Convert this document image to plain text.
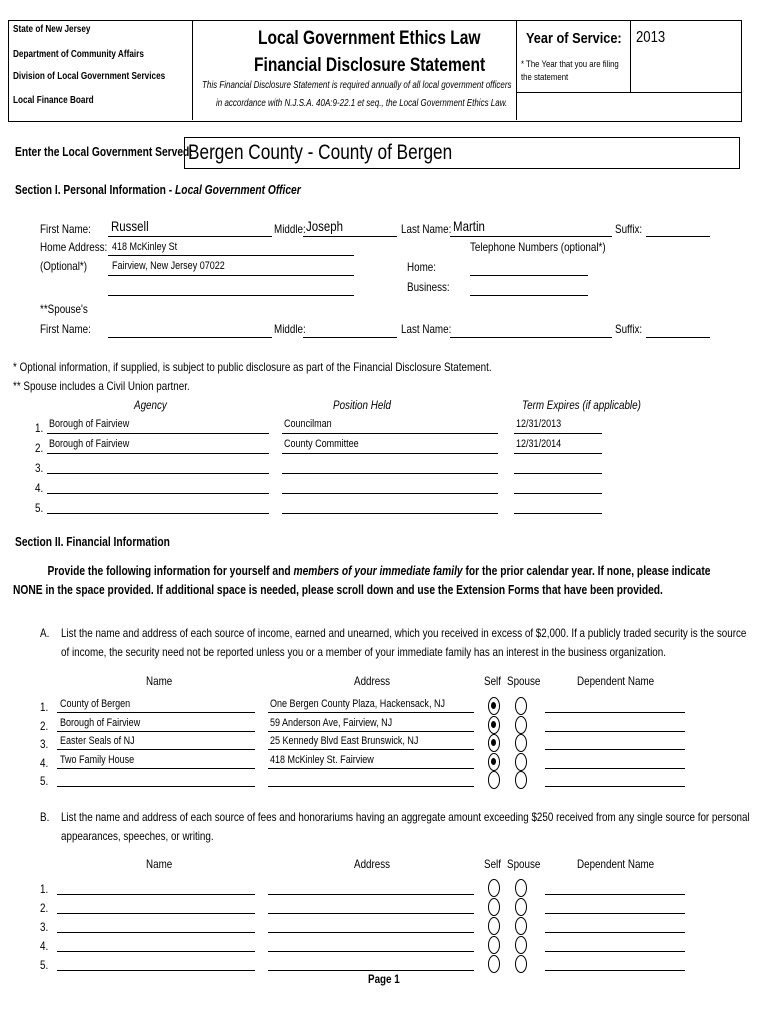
State of New Jersey
Department of Community Affairs
Division of Local Government Services
Local Finance Board
Local Government Ethics Law
Financial Disclosure Statement
This Financial Disclosure Statement is required annually of all local government officers
in accordance with N.J.S.A. 40A:9-22.1 et seq., the Local Government Ethics Law.
Year of Service:
* The Year that you are filing the statement
2013
Enter the Local Government Served:
Bergen County - County of Bergen
Section I. Personal Information - Local Government Officer
First Name: Russell	Middle: Joseph	Last Name: Martin	Suffix:
Home Address:
(Optional*)
418 McKinley St
Fairview, New Jersey 07022
Telephone Numbers (optional*)
Home:
Business:
**Spouse's
First Name:	Middle:	Last Name:	Suffix:
* Optional information, if supplied, is subject to public disclosure as part of the Financial Disclosure Statement.
** Spouse includes a Civil Union partner.
Agency	Position Held	Term Expires (if applicable)
1. Borough of Fairview	Councilman	12/31/2013
2. Borough of Fairview	County Committee	12/31/2014
3.
4.
5.
Section II. Financial Information
Provide the following information for yourself and members of your immediate family for the prior calendar year. If none, please indicate NONE in the space provided. If additional space is needed, please scroll down and use the Extension Forms that have been provided.
A. List the name and address of each source of income, earned and unearned, which you received in excess of $2,000. If a publicly traded security is the source of income, the security need not be reported unless you or a member of your immediate family has an interest in the business organization.
Name	Address	Self Spouse	Dependent Name
1. County of Bergen	One Bergen County Plaza, Hackensack, NJ
2. Borough of Fairview	59 Anderson Ave, Fairview, NJ
3. Easter Seals of NJ	25 Kennedy Blvd East Brunswick, NJ
4. Two Family House	418 McKinley St. Fairview
5.
B. List the name and address of each source of fees and honorariums having an aggregate amount exceeding $250 received from any single source for personal appearances, speeches, or writing.
Name	Address	Self Spouse	Dependent Name
1.
2.
3.
4.
5.
Page 1
